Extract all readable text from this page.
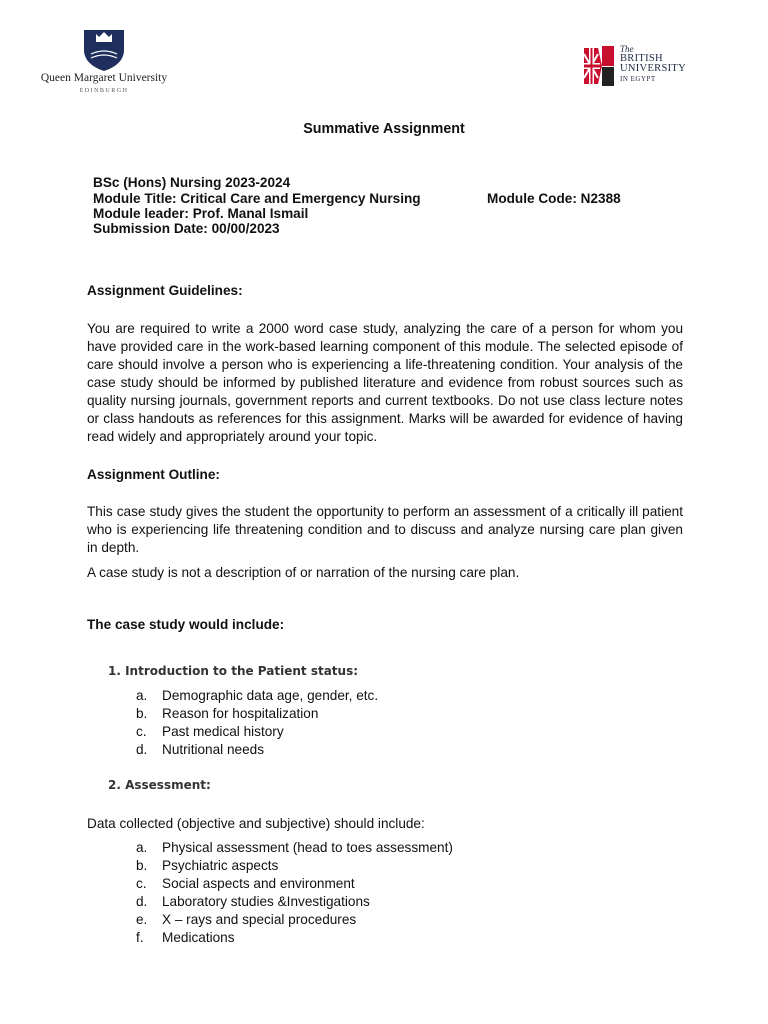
Queen Margaret University
EDINBURGH
The
BRITISH
UNIVERSITY
IN EGYPT
Summative Assignment
BSc (Hons) Nursing 2023-2024
Module Title: Critical Care and Emergency Nursing	Module Code: N2388
Module leader: Prof. Manal Ismail
Submission Date: 00/00/2023
Assignment Guidelines:
You are required to write a 2000 word case study, analyzing the care of a person for whom you have provided care in the work-based learning component of this module. The selected episode of care should involve a person who is experiencing a life-threatening condition. Your analysis of the case study should be informed by published literature and evidence from robust sources such as quality nursing journals, government reports and current textbooks. Do not use class lecture notes or class handouts as references for this assignment. Marks will be awarded for evidence of having read widely and appropriately around your topic.
Assignment Outline:
This case study gives the student the opportunity to perform an assessment of a critically ill patient who is experiencing life threatening condition and to discuss and analyze nursing care plan given in depth.
A case study is not a description of or narration of the nursing care plan.
The case study would include:
1. Introduction to the Patient status:
a. Demographic data age, gender, etc.
b. Reason for hospitalization
c. Past medical history
d. Nutritional needs
2. Assessment:
Data collected (objective and subjective) should include:
a. Physical assessment (head to toes assessment)
b. Psychiatric aspects
c. Social aspects and environment
d. Laboratory studies &Investigations
e. X – rays and special procedures
f. Medications
